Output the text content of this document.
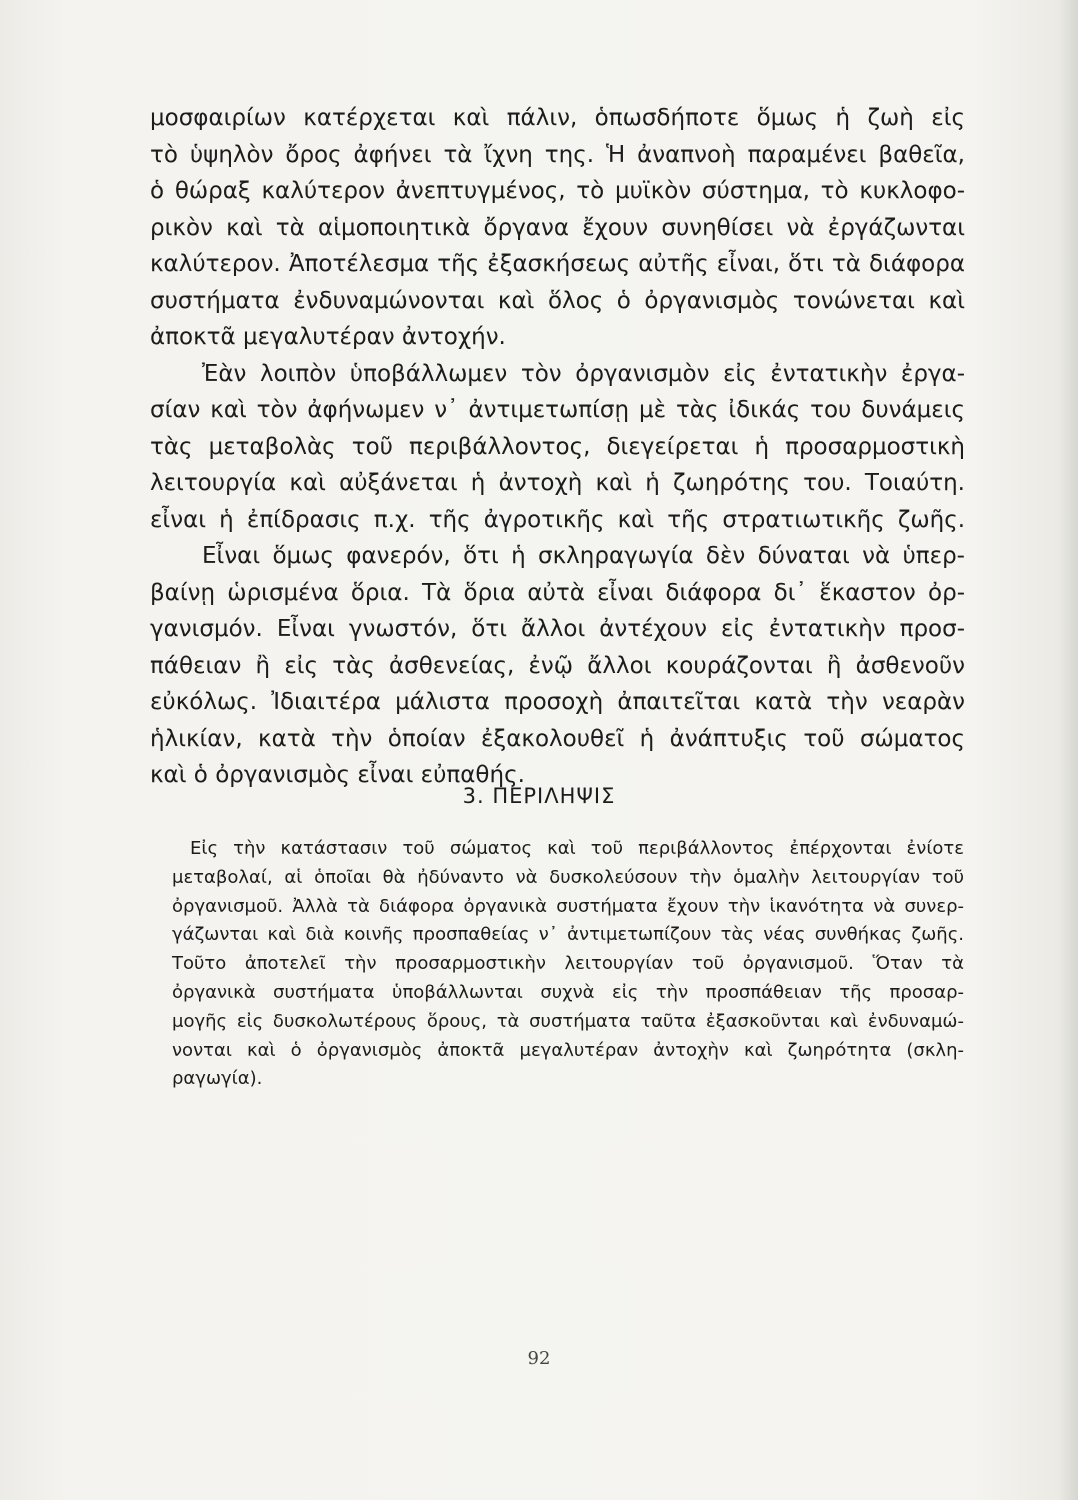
μοσφαιρίων κατέρχεται καὶ πάλιν, ὁπωσδήποτε ὅμως ἡ ζωὴ εἰς
τὸ ὑψηλὸν ὄρος ἀφήνει τὰ ἴχνη της. Ἡ ἀναπνοὴ παραμένει βαθεῖα,
ὁ θώραξ καλύτερον ἀνεπτυγμένος, τὸ μυϊκὸν σύστημα, τὸ κυκλοφο-
ρικὸν καὶ τὰ αἱμοποιητικὰ ὄργανα ἔχουν συνηθίσει νὰ ἐργάζωνται
καλύτερον. Ἀποτέλεσμα τῆς ἐξασκήσεως αὐτῆς εἶναι, ὅτι τὰ διάφορα
συστήματα ἐνδυναμώνονται καὶ ὅλος ὁ ὀργανισμὸς τονώνεται καὶ
ἀποκτᾶ μεγαλυτέραν ἀντοχήν.
Ἐὰν λοιπὸν ὑποβάλλωμεν τὸν ὀργανισμὸν εἰς ἐντατικὴν ἐργα-
σίαν καὶ τὸν ἀφήνωμεν ν᾽ ἀντιμετωπίσῃ μὲ τὰς ἰδικάς του δυνάμεις
τὰς μεταβολὰς τοῦ περιβάλλοντος, διεγείρεται ἡ προσαρμοστικὴ
λειτουργία καὶ αὐξάνεται ἡ ἀντοχὴ καὶ ἡ ζωηρότης του. Τοιαύτη.
εἶναι ἡ ἐπίδρασις π.χ. τῆς ἀγροτικῆς καὶ τῆς στρατιωτικῆς ζωῆς.
Εἶναι ὅμως φανερόν, ὅτι ἡ σκληραγωγία δὲν δύναται νὰ ὑπερ-
βαίνῃ ὡρισμένα ὅρια. Τὰ ὅρια αὐτὰ εἶναι διάφορα δι᾽ ἕκαστον ὀρ-
γανισμόν. Εἶναι γνωστόν, ὅτι ἄλλοι ἀντέχουν εἰς ἐντατικὴν προσ-
πάθειαν ἢ εἰς τὰς ἀσθενείας, ἐνῷ ἄλλοι κουράζονται ἢ ἀσθενοῦν
εὐκόλως. Ἰδιαιτέρα μάλιστα προσοχὴ ἀπαιτεῖται κατὰ τὴν νεαρὰν
ἡλικίαν, κατὰ τὴν ὁποίαν ἐξακολουθεῖ ἡ ἀνάπτυξις τοῦ σώματος
καὶ ὁ ὀργανισμὸς εἶναι εὐπαθής.
3. ΠΕΡΙΛΗΨΙΣ
Εἰς τὴν κατάστασιν τοῦ σώματος καὶ τοῦ περιβάλλοντος ἐπέρχονται ἐνίοτε
μεταβολαί, αἱ ὁποῖαι θὰ ἠδύναντο νὰ δυσκολεύσουν τὴν ὁμαλὴν λειτουργίαν τοῦ
ὀργανισμοῦ. Ἀλλὰ τὰ διάφορα ὀργανικὰ συστήματα ἔχουν τὴν ἱκανότητα νὰ συνερ-
γάζωνται καὶ διὰ κοινῆς προσπαθείας ν᾽ ἀντιμετωπίζουν τὰς νέας συνθήκας ζωῆς.
Τοῦτο ἀποτελεῖ τὴν προσαρμοστικὴν λειτουργίαν τοῦ ὀργανισμοῦ. Ὅταν τὰ
ὀργανικὰ συστήματα ὑποβάλλωνται συχνὰ εἰς τὴν προσπάθειαν τῆς προσαρ-
μογῆς εἰς δυσκολωτέρους ὅρους, τὰ συστήματα ταῦτα ἐξασκοῦνται καὶ ἐνδυναμώ-
νονται καὶ ὁ ὀργανισμὸς ἀποκτᾶ μεγαλυτέραν ἀντοχὴν καὶ ζωηρότητα (σκλη-
ραγωγία).
92
